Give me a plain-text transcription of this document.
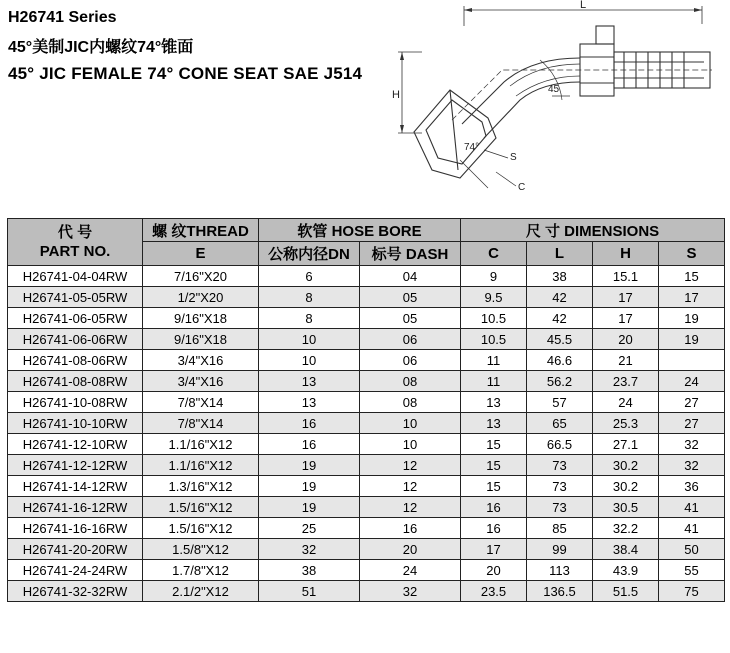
H26741 Series
45°美制JIC内螺纹74°锥面
45° JIC FEMALE 74° CONE SEAT SAE J514
L
H	45
74°
S
C
代 号
PART NO.	螺 纹THREAD	软管 HOSE BORE		尺 寸 DIMENSIONS			
	E	公称内径DN	标号 DASH	C	L	H	S
H26741-04-04RW	7/16"X20	6	04	9	38	15.1	15
H26741-05-05RW	1/2"X20	8	05	9.5	42	17	17
H26741-06-05RW	9/16"X18	8	05	10.5	42	17	19
H26741-06-06RW	9/16"X18	10	06	10.5	45.5	20	19
H26741-08-06RW	3/4"X16	10	06	11	46.6	21	
H26741-08-08RW	3/4"X16	13	08	11	56.2	23.7	24
H26741-10-08RW	7/8"X14	13	08	13	57	24	27
H26741-10-10RW	7/8"X14	16	10	13	65	25.3	27
H26741-12-10RW	1.1/16"X12	16	10	15	66.5	27.1	32
H26741-12-12RW	1.1/16"X12	19	12	15	73	30.2	32
H26741-14-12RW	1.3/16"X12	19	12	15	73	30.2	36
H26741-16-12RW	1.5/16"X12	19	12	16	73	30.5	41
H26741-16-16RW	1.5/16"X12	25	16	16	85	32.2	41
H26741-20-20RW	1.5/8"X12	32	20	17	99	38.4	50
H26741-24-24RW	1.7/8"X12	38	24	20	113	43.9	55
H26741-32-32RW	2.1/2"X12	51	32	23.5	136.5	51.5	75
